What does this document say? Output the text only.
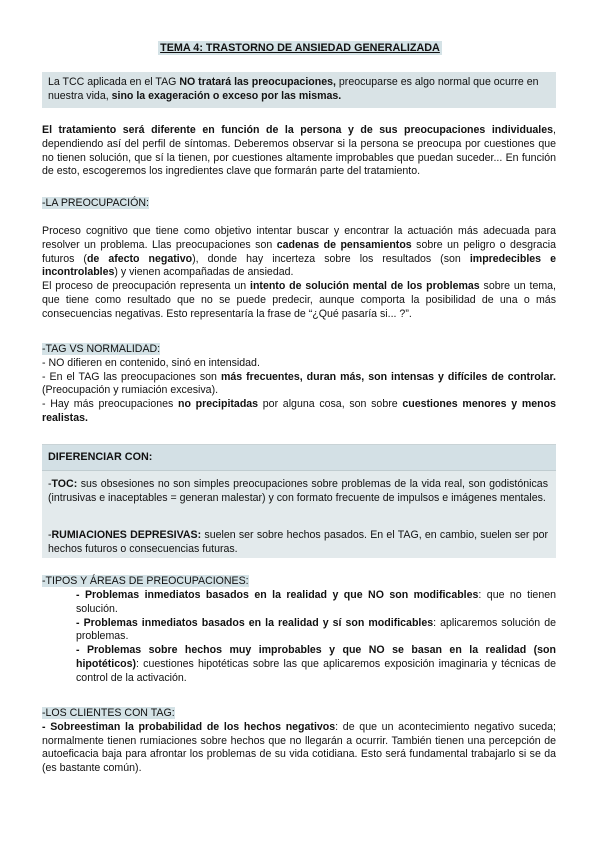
TEMA 4: TRASTORNO DE ANSIEDAD GENERALIZADA
La TCC aplicada en el TAG NO tratará las preocupaciones, preocuparse es algo normal que ocurre en nuestra vida, sino la exageración o exceso por las mismas.
El tratamiento será diferente en función de la persona y de sus preocupaciones individuales, dependiendo así del perfil de síntomas. Deberemos observar si la persona se preocupa por cuestiones que no tienen solución, que sí la tienen, por cuestiones altamente improbables que puedan suceder... En función de esto, escogeremos los ingredientes clave que formarán parte del tratamiento.
-LA PREOCUPACIÓN:

Proceso cognitivo que tiene como objetivo intentar buscar y encontrar la actuación más adecuada para resolver un problema. Llas preocupaciones son cadenas de pensamientos sobre un peligro o desgracia futuros (de afecto negativo), donde hay incerteza sobre los resultados (son impredecibles e incontrolables) y vienen acompañadas de ansiedad.

El proceso de preocupación representa un intento de solución mental de los problemas sobre un tema, que tiene como resultado que no se puede predecir, aunque comporta la posibilidad de una o más consecuencias negativas. Esto representaría la frase de “¿Qué pasaría si... ?”.

-TAG VS NORMALIDAD:

- NO difieren en contenido, sinó en intensidad.

- En el TAG las preocupaciones son más frecuentes, duran más, son intensas y difíciles de controlar. (Preocupación y rumiación excesiva).

- Hay más preocupaciones no precipitadas por alguna cosa, son sobre cuestiones menores y menos realistas.

DIFERENCIAR CON:
-TOC: sus obsesiones no son simples preocupaciones sobre problemas de la vida real, son godistónicas (intrusivas e inaceptables = generan malestar) y con formato frecuente de impulsos e imágenes mentales.
-RUMIACIONES DEPRESIVAS: suelen ser sobre hechos pasados. En el TAG, en cambio, suelen ser por hechos futuros o consecuencias futuras.
-TIPOS Y ÁREAS DE PREOCUPACIONES:

- Problemas inmediatos basados en la realidad y que NO son modificables: que no tienen solución.

- Problemas inmediatos basados en la realidad y sí son modificables: aplicaremos solución de problemas.

- Problemas sobre hechos muy improbables y que NO se basan en la realidad (son hipotéticos): cuestiones hipotéticas sobre las que aplicaremos exposición imaginaria y técnicas de control de la activación.

-LOS CLIENTES CON TAG:

- Sobreestiman la probabilidad de los hechos negativos: de que un acontecimiento negativo suceda; normalmente tienen rumiaciones sobre hechos que no llegarán a ocurrir. También tienen una percepción de autoeficacia baja para afrontar los problemas de su vida cotidiana. Esto será fundamental trabajarlo si se da (es bastante común).
